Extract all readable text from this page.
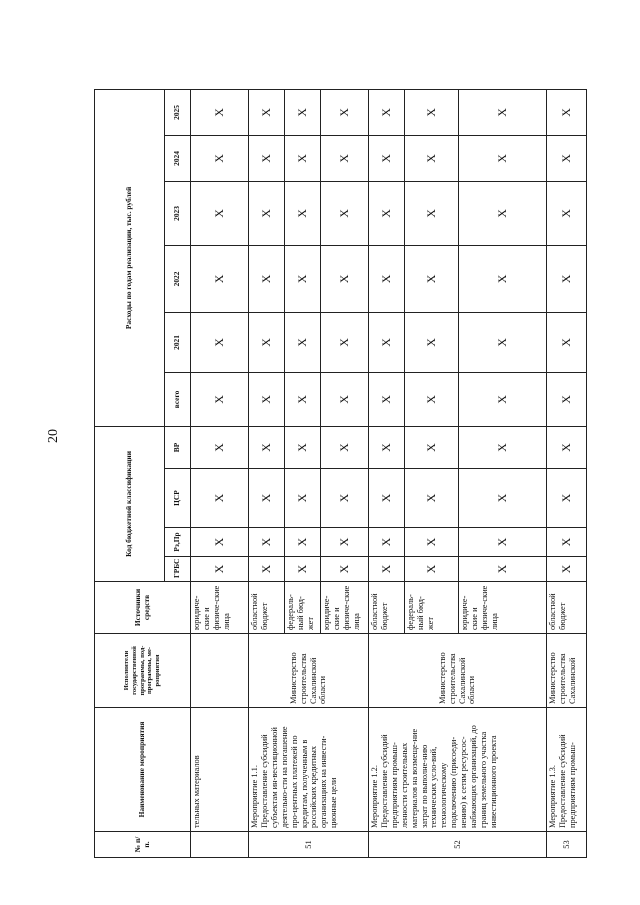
20
№ п/п.	Наименование мероприятия	Исполнители государственной программы, под-программы, ме-роприятия	Источники средств	Код бюджетной классификации				Расходы по годам реализации, тыс. рублей					
				ГРБС	Рз,Пр	ЦСР	ВР	всего	2021	2022	2023	2024	2025
	тельных материалов		юридиче-ские и физиче-ские лица	X	X	X	X	X	X	X	X	X	X
51	Мероприятие 1.1. Предоставление субсидий субъектам ин-вестиционной деятельно-сти на погашение про-центных платежей по кредитам, полученным в российских кредитных организациях на инвести-ционные цели	Министерство строительства Сахалинской области	областной бюджет	X	X	X	X	X	X	X	X	X	X
			федераль-ный бюд-жет	X	X	X	X	X	X	X	X	X	X
			юридиче-ские и физиче-ские лица	X	X	X	X	X	X	X	X	X	X
52	Мероприятие 1.2. Предоставление субсидий предприятиям промыш-ленности строительных материалов на возмеще-ние затрат по выполне-нию технических усло-вий, технологическому подключению (присоеди-нению) к сетям ресурсос-набжающих организаций, до границ земельного участка инвестиционного проекта	Министерство строительства Сахалинской области	областной бюджет	X	X	X	X	X	X	X	X	X	X
			федераль-ный бюд-жет	X	X	X	X	X	X	X	X	X	X
			юридиче-ские и физиче-ские лица	X	X	X	X	X	X	X	X	X	X
53	Мероприятие 1.3. Предоставление субсидий предприятиям промыш-	Министерство строительства Сахалинской	областной бюджет	X	X	X	X	X	X	X	X	X	X
